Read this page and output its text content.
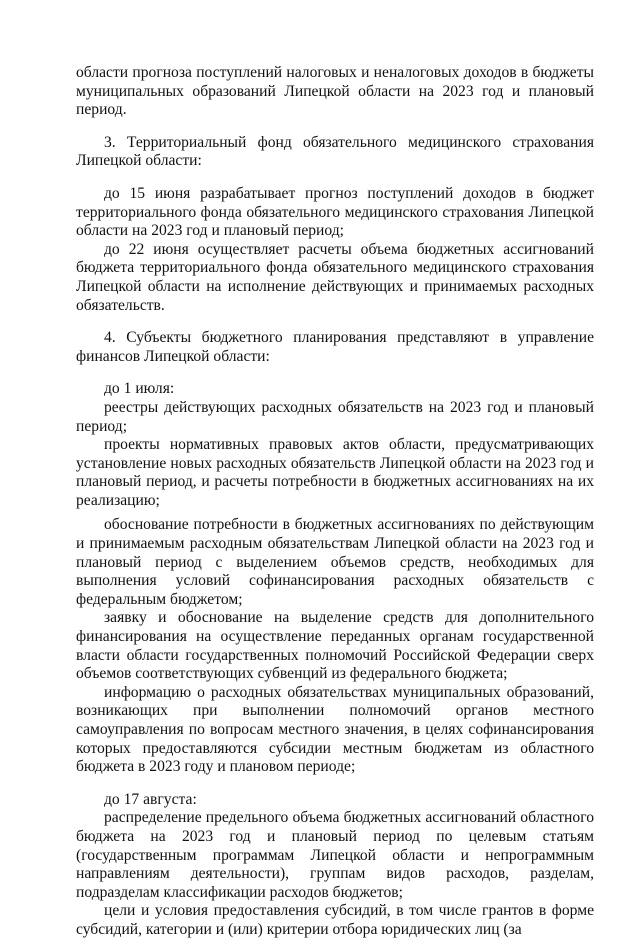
области прогноза поступлений налоговых и неналоговых доходов в бюджеты муниципальных образований Липецкой области на 2023 год и плановый период.

3. Территориальный фонд обязательного медицинского страхования Липецкой области:

до 15 июня разрабатывает прогноз поступлений доходов в бюджет территориального фонда обязательного медицинского страхования Липецкой области на 2023 год и плановый период;

до 22 июня осуществляет расчеты объема бюджетных ассигнований бюджета территориального фонда обязательного медицинского страхования Липецкой области на исполнение действующих и принимаемых расходных обязательств.

4. Субъекты бюджетного планирования представляют в управление финансов Липецкой области:

до 1 июля:

реестры действующих расходных обязательств на 2023 год и плановый период;

проекты нормативных правовых актов области, предусматривающих установление новых расходных обязательств Липецкой области на 2023 год и плановый период, и расчеты потребности в бюджетных ассигнованиях на их реализацию;

обоснование потребности в бюджетных ассигнованиях по действующим и принимаемым расходным обязательствам Липецкой области на 2023 год и плановый период с выделением объемов средств, необходимых для выполнения условий софинансирования расходных обязательств с федеральным бюджетом;

заявку и обоснование на выделение средств для дополнительного финансирования на осуществление переданных органам государственной власти области государственных полномочий Российской Федерации сверх объемов соответствующих субвенций из федерального бюджета;

информацию о расходных обязательствах муниципальных образований, возникающих при выполнении полномочий органов местного самоуправления по вопросам местного значения, в целях софинансирования которых предоставляются субсидии местным бюджетам из областного бюджета в 2023 году и плановом периоде;

до 17 августа:

распределение предельного объема бюджетных ассигнований областного бюджета на 2023 год и плановый период по целевым статьям (государственным программам Липецкой области и непрограммным направлениям деятельности), группам видов расходов, разделам, подразделам классификации расходов бюджетов;

цели и условия предоставления субсидий, в том числе грантов в форме субсидий, категории и (или) критерии отбора юридических лиц (за
